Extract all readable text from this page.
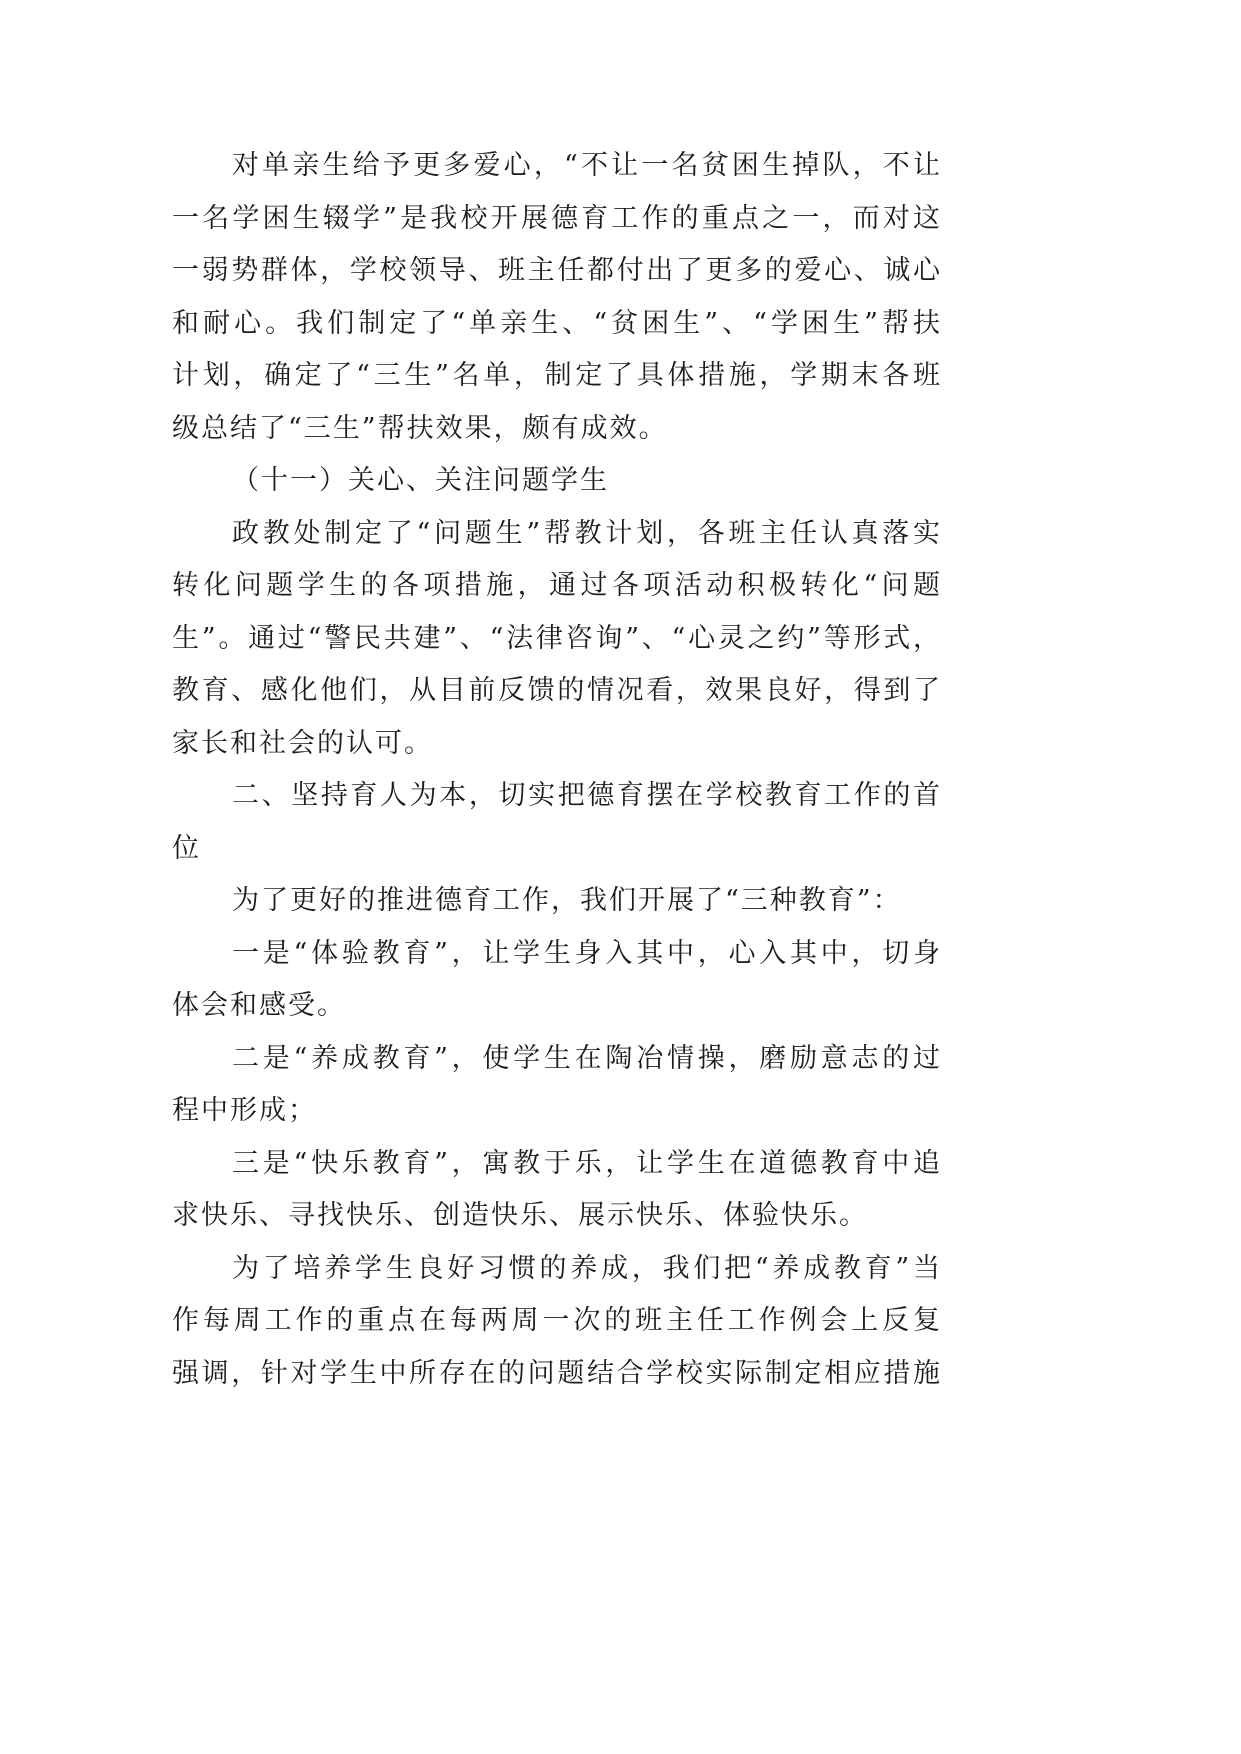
对单亲生给予更多爱心，“不让一名贫困生掉队，不让
一名学困生辍学”是我校开展德育工作的重点之一，而对这
一弱势群体，学校领导、班主任都付出了更多的爱心、诚心
和耐心。我们制定了“单亲生、“贫困生”、“学困生”帮扶
计划，确定了“三生”名单，制定了具体措施，学期末各班
级总结了“三生”帮扶效果，颇有成效。
（十一）关心、关注问题学生
政教处制定了“问题生”帮教计划，各班主任认真落实
转化问题学生的各项措施，通过各项活动积极转化“问题
生”。通过“警民共建”、“法律咨询”、“心灵之约”等形式，
教育、感化他们，从目前反馈的情况看，效果良好，得到了
家长和社会的认可。
二、坚持育人为本，切实把德育摆在学校教育工作的首
位
为了更好的推进德育工作，我们开展了“三种教育”：
一是“体验教育”，让学生身入其中，心入其中，切身
体会和感受。
二是“养成教育”，使学生在陶冶情操，磨励意志的过
程中形成；
三是“快乐教育”，寓教于乐，让学生在道德教育中追
求快乐、寻找快乐、创造快乐、展示快乐、体验快乐。
为了培养学生良好习惯的养成，我们把“养成教育”当
作每周工作的重点在每两周一次的班主任工作例会上反复
强调，针对学生中所存在的问题结合学校实际制定相应措施
